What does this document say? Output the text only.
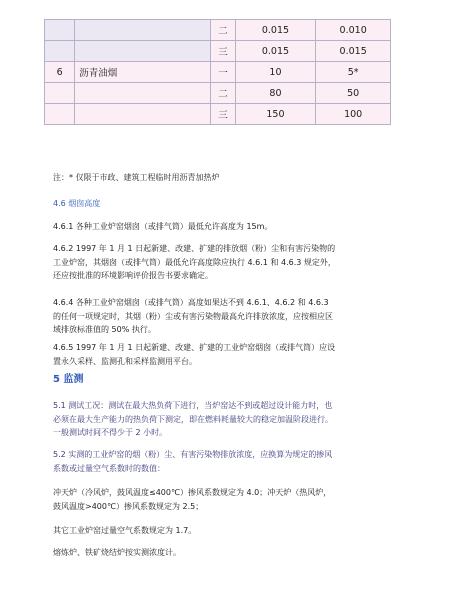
		二	0.015	0.010
		三	0.015	0.015
6	沥青油烟	一	10	5*
		二	80	50
		三	150	100
注：* 仅限于市政、建筑工程临时用沥青加热炉
4.6 烟囱高度
4.6.1 各种工业炉窑烟囱（或排气筒）最低允许高度为 15m。
4.6.2 1997 年 1 月 1 日起新建、改建、扩建的排放烟（粉）尘和有害污染物的
工业炉窑，其烟囱（或排气筒）最低允许高度除应执行 4.6.1 和 4.6.3 规定外，
还应按批准的环境影响评价报告书要求确定。
4.6.4 各种工业炉窑烟囱（或排气筒）高度如果达不到 4.6.1、4.6.2 和 4.6.3
的任何一项规定时，其烟（粉）尘或有害污染物最高允许排放浓度，应按相应区
域排放标准值的 50% 执行。
4.6.5 1997 年 1 月 1 日起新建、改建、扩建的工业炉窑烟囱（或排气筒）应设
置永久采样、监测孔和采样监测用平台。
5 监测
5.1 测试工况：测试在最大热负荷下进行，当炉窑达不到或超过设计能力时，也
必须在最大生产能力的热负荷下测定，即在燃料耗量较大的稳定加温阶段进行。
一般测试时间不得少于 2 小时。
5.2 实测的工业炉窑的烟（粉）尘、有害污染物排放浓度，应换算为规定的掺风
系数或过量空气系数时的数值：
冲天炉（冷风炉，鼓风温度≤400℃）掺风系数规定为 4.0；冲天炉（热风炉，
鼓风温度>400℃）掺风系数规定为 2.5；
其它工业炉窑过量空气系数规定为 1.7。
熔炼炉、铁矿烧结炉按实测浓度计。
